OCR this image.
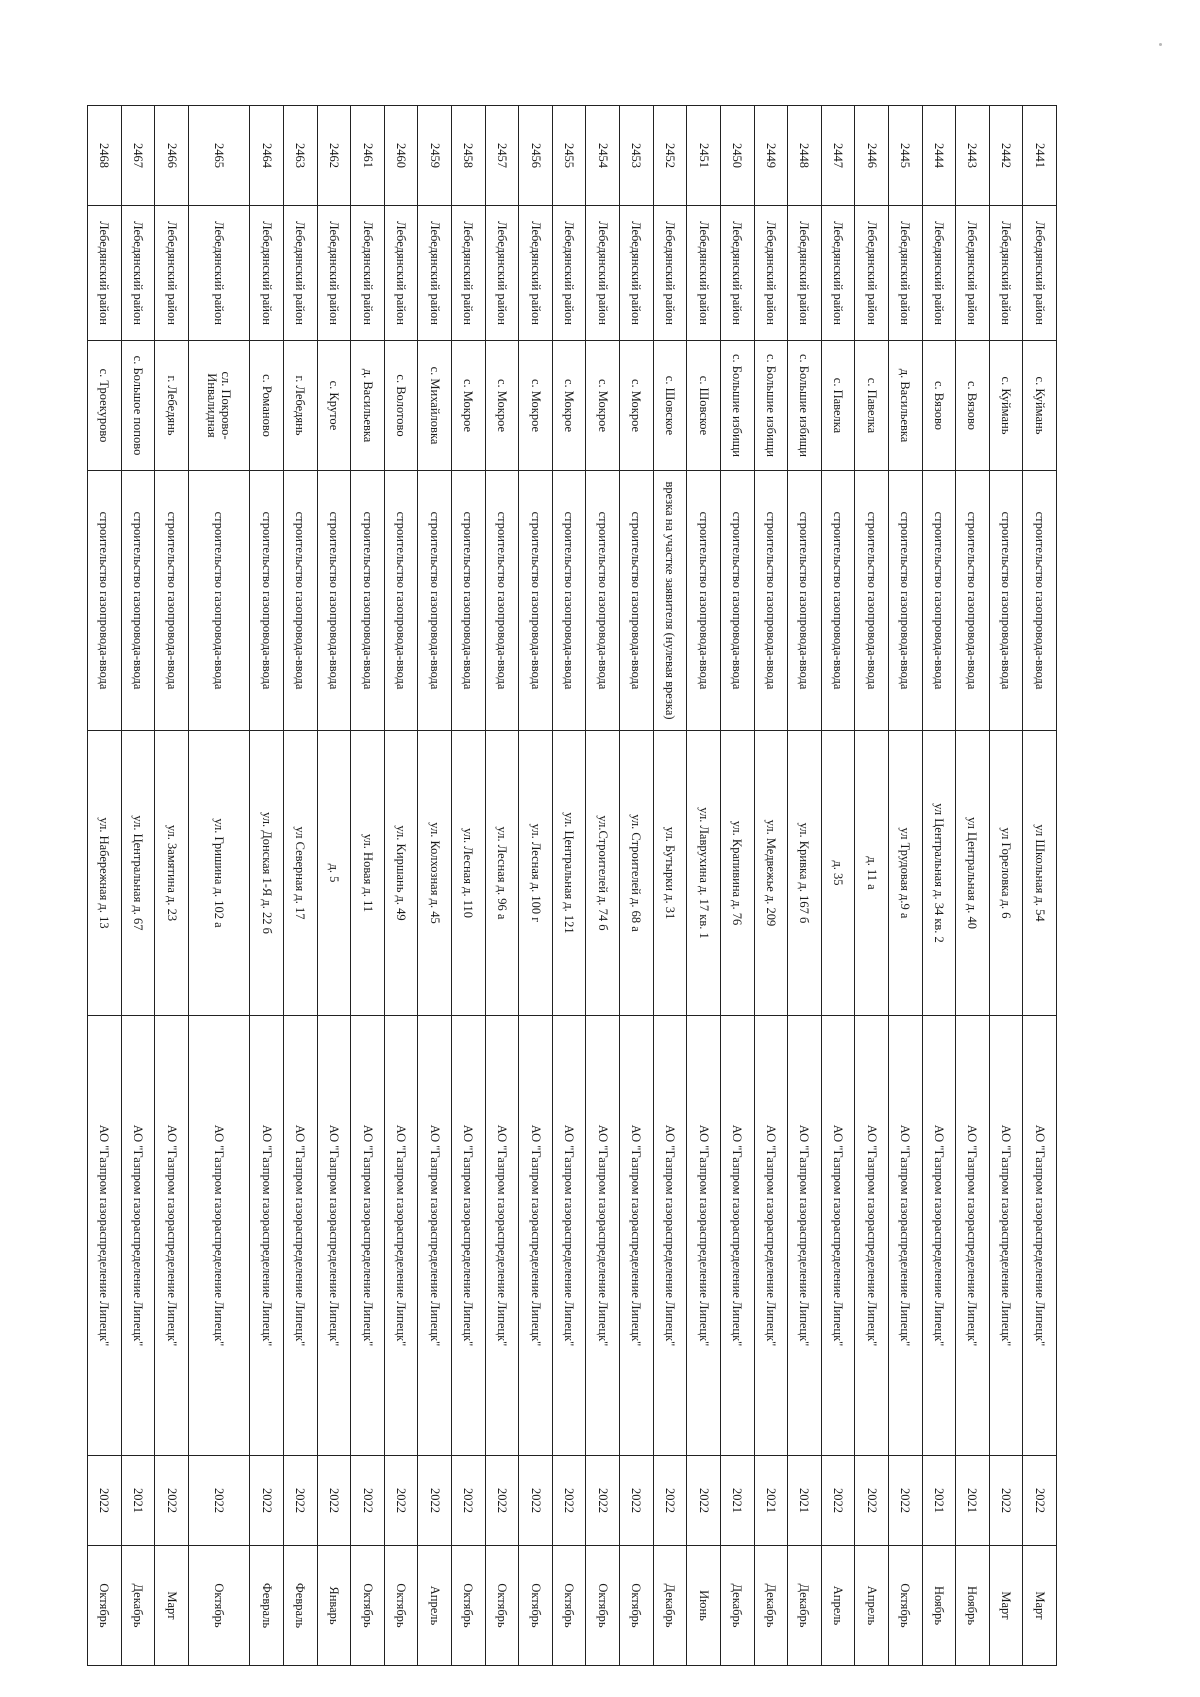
2441	Лебедянский район	с. Куймань	строительство газопровода-ввода	ул Школьная д. 54	АО "Газпром газораспределение Липецк"	2022	Март
2442	Лебедянский район	с. Куймань	строительство газопровода-ввода	ул Гореловка д. 6	АО "Газпром газораспределение Липецк"	2022	Март
2443	Лебедянский район	с. Вязово	строительство газопровода-ввода	ул Центральная д. 40	АО "Газпром газораспределение Липецк"	2021	Ноябрь
2444	Лебедянский район	с. Вязово	строительство газопровода-ввода	ул Центральная д. 34 кв. 2	АО "Газпром газораспределение Липецк"	2021	Ноябрь
2445	Лебедянский район	д. Васильевка	строительство газопровода-ввода	ул Трудовая д.9 а	АО "Газпром газораспределение Липецк"	2022	Октябрь
2446	Лебедянский район	с. Павелка	строительство газопровода-ввода	д. 11 а	АО "Газпром газораспределение Липецк"	2022	Апрель
2447	Лебедянский район	с. Павелка	строительство газопровода-ввода	д. 35	АО "Газпром газораспределение Липецк"	2022	Апрель
2448	Лебедянский район	с. Большие избищи	строительство газопровода-ввода	ул. Кривка д. 167 б	АО "Газпром газораспределение Липецк"	2021	Декабрь
2449	Лебедянский район	с. Большие избищи	строительство газопровода-ввода	ул. Медвежье д. 209	АО "Газпром газораспределение Липецк"	2021	Декабрь
2450	Лебедянский район	с. Большие избищи	строительство газопровода-ввода	ул. Крапивина д. 76	АО "Газпром газораспределение Липецк"	2021	Декабрь
2451	Лебедянский район	с. Шовское	строительство газопровода-ввода	ул. Лаврухина д. 17 кв. 1	АО "Газпром газораспределение Липецк"	2022	Июнь
2452	Лебедянский район	с. Шовское	врезка на участке заявителя (нулевая врезка)	ул. Бутырки д. 31	АО "Газпром газораспределение Липецк"	2022	Декабрь
2453	Лебедянский район	с. Мокрое	строительство газопровода-ввода	ул. Строителей д. 68 а	АО "Газпром газораспределение Липецк"	2022	Октябрь
2454	Лебедянский район	с. Мокрое	строительство газопровода-ввода	ул.Строителей д. 74 б	АО "Газпром газораспределение Липецк"	2022	Октябрь
2455	Лебедянский район	с. Мокрое	строительство газопровода-ввода	ул. Центральная д. 121	АО "Газпром газораспределение Липецк"	2022	Октябрь
2456	Лебедянский район	с. Мокрое	строительство газопровода-ввода	ул. Лесная д. 100 г	АО "Газпром газораспределение Липецк"	2022	Октябрь
2457	Лебедянский район	с. Мокрое	строительство газопровода-ввода	ул. Лесная д. 96 а	АО "Газпром газораспределение Липецк"	2022	Октябрь
2458	Лебедянский район	с. Мокрое	строительство газопровода-ввода	ул. Лесная д. 110	АО "Газпром газораспределение Липецк"	2022	Октябрь
2459	Лебедянский район	с. Михайловка	строительство газопровода-ввода	ул. Колхозная д. 45	АО "Газпром газораспределение Липецк"	2022	Апрель
2460	Лебедянский район	с. Волотово	строительство газопровода-ввода	ул. Киршань д. 49	АО "Газпром газораспределение Липецк"	2022	Октябрь
2461	Лебедянский район	д. Васильевка	строительство газопровода-ввода	ул. Новая д. 11	АО "Газпром газораспределение Липецк"	2022	Октябрь
2462	Лебедянский район	с. Крутое	строительство газопровода-ввода	д. 5	АО "Газпром газораспределение Липецк"	2022	Январь
2463	Лебедянский район	г. Лебедянь	строительство газопровода-ввода	ул Северная д. 17	АО "Газпром газораспределение Липецк"	2022	Февраль
2464	Лебедянский район	с. Романово	строительство газопровода-ввода	ул. Донская 1-Я д. 22 б	АО "Газпром газораспределение Липецк"	2022	Февраль
2465	Лебедянский район	сл. Покрово-Инвалидная	строительство газопровода-ввода	ул. Гришина д. 102 а	АО "Газпром газораспределение Липецк"	2022	Октябрь
2466	Лебедянский район	г. Лебедянь	строительство газопровода-ввода	ул. Замятина д. 23	АО "Газпром газораспределение Липецк"	2022	Март
2467	Лебедянский район	с. Большое попово	строительство газопровода-ввода	ул. Центральная д. 67	АО "Газпром газораспределение Липецк"	2021	Декабрь
2468	Лебедянский район	с. Троекурово	строительство газопровода-ввода	ул. Набережная д. 13	АО "Газпром газораспределение Липецк"	2022	Октябрь
